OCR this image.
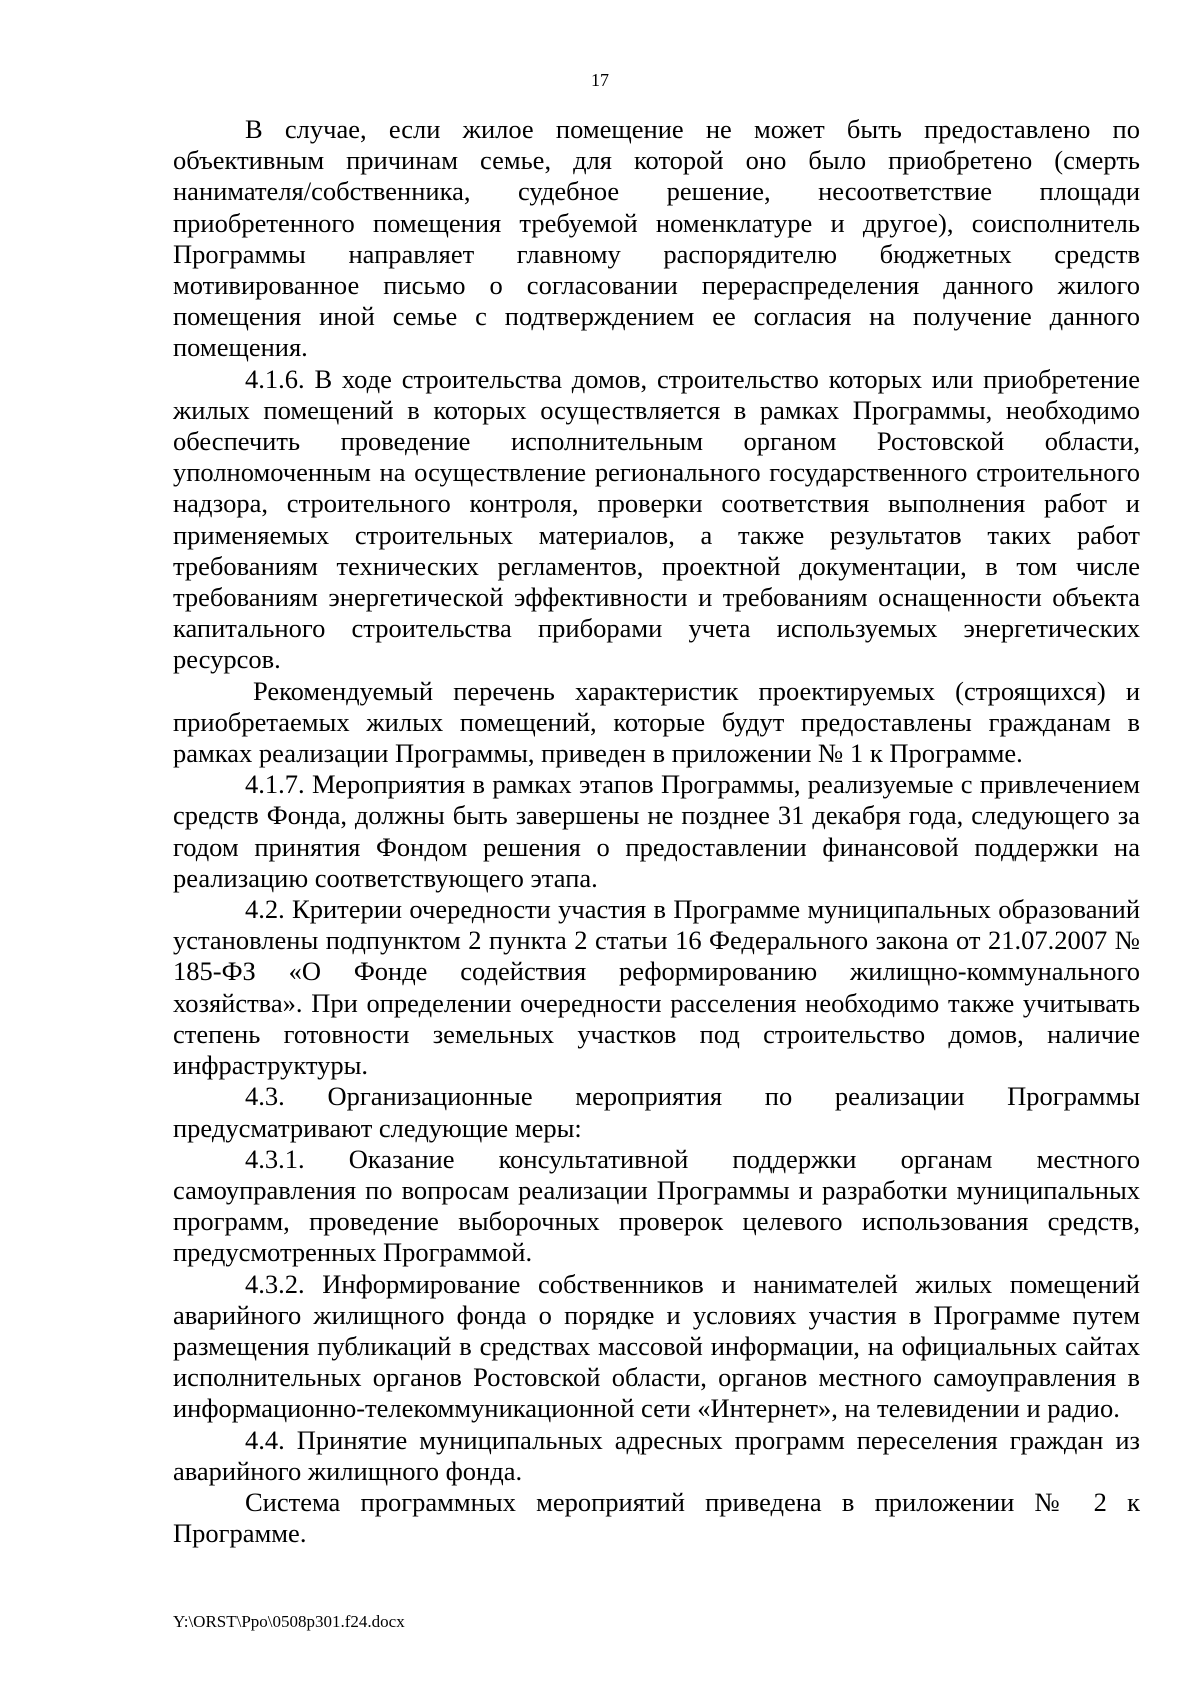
17

В случае, если жилое помещение не может быть предоставлено по объективным причинам семье, для которой оно было приобретено (смерть нанимателя/собственника, судебное решение, несоответствие площади приобретенного помещения требуемой номенклатуре и другое), соисполнитель Программы направляет главному распорядителю бюджетных средств мотивированное письмо о согласовании перераспределения данного жилого помещения иной семье с подтверждением ее согласия на получение данного помещения.

4.1.6. В ходе строительства домов, строительство которых или приобретение жилых помещений в которых осуществляется в рамках Программы, необходимо обеспечить проведение исполнительным органом Ростовской области, уполномоченным на осуществление регионального государственного строительного надзора, строительного контроля, проверки соответствия выполнения работ и применяемых строительных материалов, а также результатов таких работ требованиям технических регламентов, проектной документации, в том числе требованиям энергетической эффективности и требованиям оснащенности объекта капитального строительства приборами учета используемых энергетических ресурсов.

Рекомендуемый перечень характеристик проектируемых (строящихся) и приобретаемых жилых помещений, которые будут предоставлены гражданам в рамках реализации Программы, приведен в приложении № 1 к Программе.

4.1.7. Мероприятия в рамках этапов Программы, реализуемые с привлечением средств Фонда, должны быть завершены не позднее 31 декабря года, следующего за годом принятия Фондом решения о предоставлении финансовой поддержки на реализацию соответствующего этапа.

4.2. Критерии очередности участия в Программе муниципальных образований установлены подпунктом 2 пункта 2 статьи 16 Федерального закона от 21.07.2007 № 185-ФЗ «О Фонде содействия реформированию жилищно-коммунального хозяйства». При определении очередности расселения необходимо также учитывать степень готовности земельных участков под строительство домов, наличие инфраструктуры.

4.3. Организационные мероприятия по реализации Программы предусматривают следующие меры:

4.3.1. Оказание консультативной поддержки органам местного самоуправления по вопросам реализации Программы и разработки муниципальных программ, проведение выборочных проверок целевого использования средств, предусмотренных Программой.

4.3.2. Информирование собственников и нанимателей жилых помещений аварийного жилищного фонда о порядке и условиях участия в Программе путем размещения публикаций в средствах массовой информации, на официальных сайтах исполнительных органов Ростовской области, органов местного самоуправления в информационно-телекоммуникационной сети «Интернет», на телевидении и радио.

4.4. Принятие муниципальных адресных программ переселения граждан из аварийного жилищного фонда.

Система программных мероприятий приведена в приложении № 2 к Программе.

Y:\ORST\Ppo\0508p301.f24.docx
